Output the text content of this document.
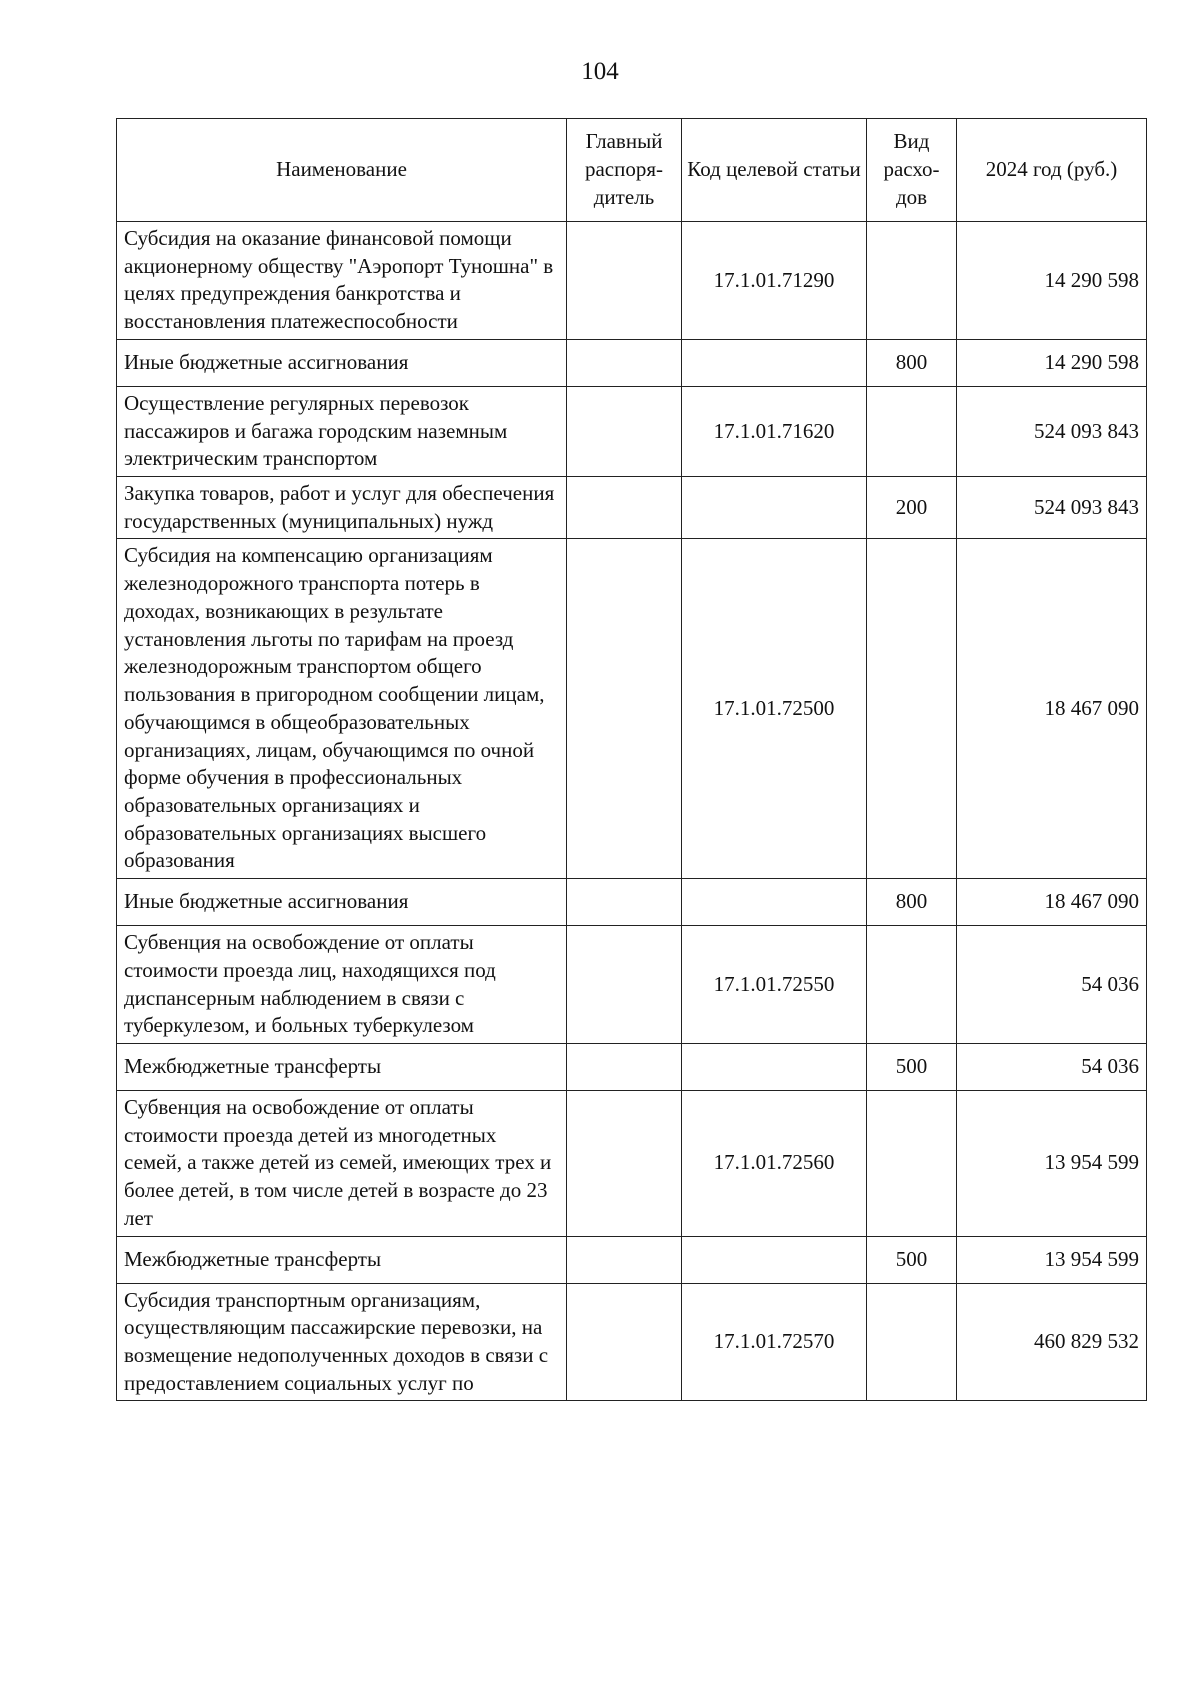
104
Наименование	Главный распоря-дитель	Код целевой статьи	Вид расхо-дов	2024 год (руб.)
Субсидия на оказание финансовой помощи акционерному обществу "Аэропорт Туношна" в целях предупреждения банкротства и восстановления платежеспособности		17.1.01.71290		14 290 598
Иные бюджетные ассигнования			800	14 290 598
Осуществление регулярных перевозок пассажиров и багажа городским наземным электрическим транспортом		17.1.01.71620		524 093 843
Закупка товаров, работ и услуг для обеспечения государственных (муниципальных) нужд			200	524 093 843
Субсидия на компенсацию организациям железнодорожного транспорта потерь в доходах, возникающих в результате установления льготы по тарифам на проезд железнодорожным транспортом общего пользования в пригородном сообщении лицам, обучающимся в общеобразовательных организациях, лицам, обучающимся по очной форме обучения в профессиональных образовательных организациях и образовательных организациях высшего образования		17.1.01.72500		18 467 090
Иные бюджетные ассигнования			800	18 467 090
Субвенция на освобождение от оплаты стоимости проезда лиц, находящихся под диспансерным наблюдением в связи с туберкулезом, и больных туберкулезом		17.1.01.72550		54 036
Межбюджетные трансферты			500	54 036
Субвенция на освобождение от оплаты стоимости проезда детей из многодетных семей, а также детей из семей, имеющих трех и более детей, в том числе детей в возрасте до 23 лет		17.1.01.72560		13 954 599
Межбюджетные трансферты			500	13 954 599
Субсидия транспортным организациям, осуществляющим пассажирские перевозки, на возмещение недополученных доходов в связи с предоставлением социальных услуг по		17.1.01.72570		460 829 532
